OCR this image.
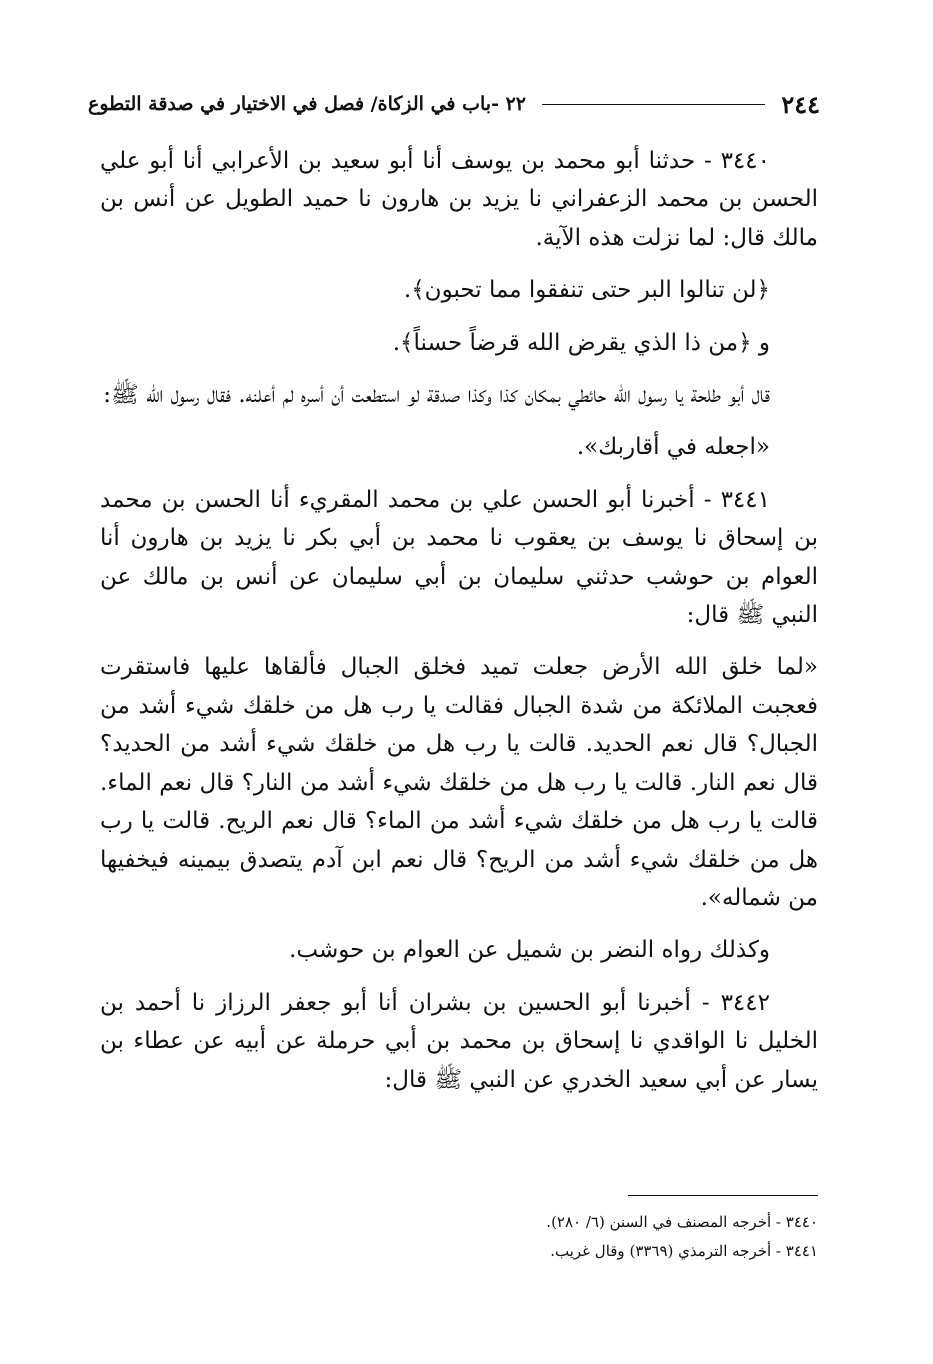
٢٤٤
٢٢ -باب في الزكاة/ فصل في الاختيار في صدقة التطوع

٣٤٤٠ - حدثنا أبو محمد بن يوسف أنا أبو سعيد بن الأعرابي أنا أبو علي الحسن بن محمد الزعفراني نا يزيد بن هارون نا حميد الطويل عن أنس بن مالك قال: لما نزلت هذه الآية.

﴿لن تنالوا البر حتى تنفقوا مما تحبون﴾.

و ﴿من ذا الذي يقرض الله قرضاً حسناً﴾.

قال أبو طلحة يا رسول الله حائطي بمكان كذا وكذا صدقة لو استطعت أن أسره لم أعلنه. فقال رسول الله ﷺ:

«اجعله في أقاربك».

٣٤٤١ - أخبرنا أبو الحسن علي بن محمد المقريء أنا الحسن بن محمد بن إسحاق نا يوسف بن يعقوب نا محمد بن أبي بكر نا يزيد بن هارون أنا العوام بن حوشب حدثني سليمان بن أبي سليمان عن أنس بن مالك عن النبي ﷺ قال:

«لما خلق الله الأرض جعلت تميد فخلق الجبال فألقاها عليها فاستقرت فعجبت الملائكة من شدة الجبال فقالت يا رب هل من خلقك شيء أشد من الجبال؟ قال نعم الحديد. قالت يا رب هل من خلقك شيء أشد من الحديد؟ قال نعم النار. قالت يا رب هل من خلقك شيء أشد من النار؟ قال نعم الماء. قالت يا رب هل من خلقك شيء أشد من الماء؟ قال نعم الريح. قالت يا رب هل من خلقك شيء أشد من الريح؟ قال نعم ابن آدم يتصدق بيمينه فيخفيها من شماله».

وكذلك رواه النضر بن شميل عن العوام بن حوشب.

٣٤٤٢ - أخبرنا أبو الحسين بن بشران أنا أبو جعفر الرزاز نا أحمد بن الخليل نا الواقدي نا إسحاق بن محمد بن أبي حرملة عن أبيه عن عطاء بن يسار عن أبي سعيد الخدري عن النبي ﷺ قال:

٣٤٤٠ - أخرجه المصنف في السنن (٦/ ٢٨٠).

٣٤٤١ - أخرجه الترمذي (٣٣٦٩) وقال غريب.
